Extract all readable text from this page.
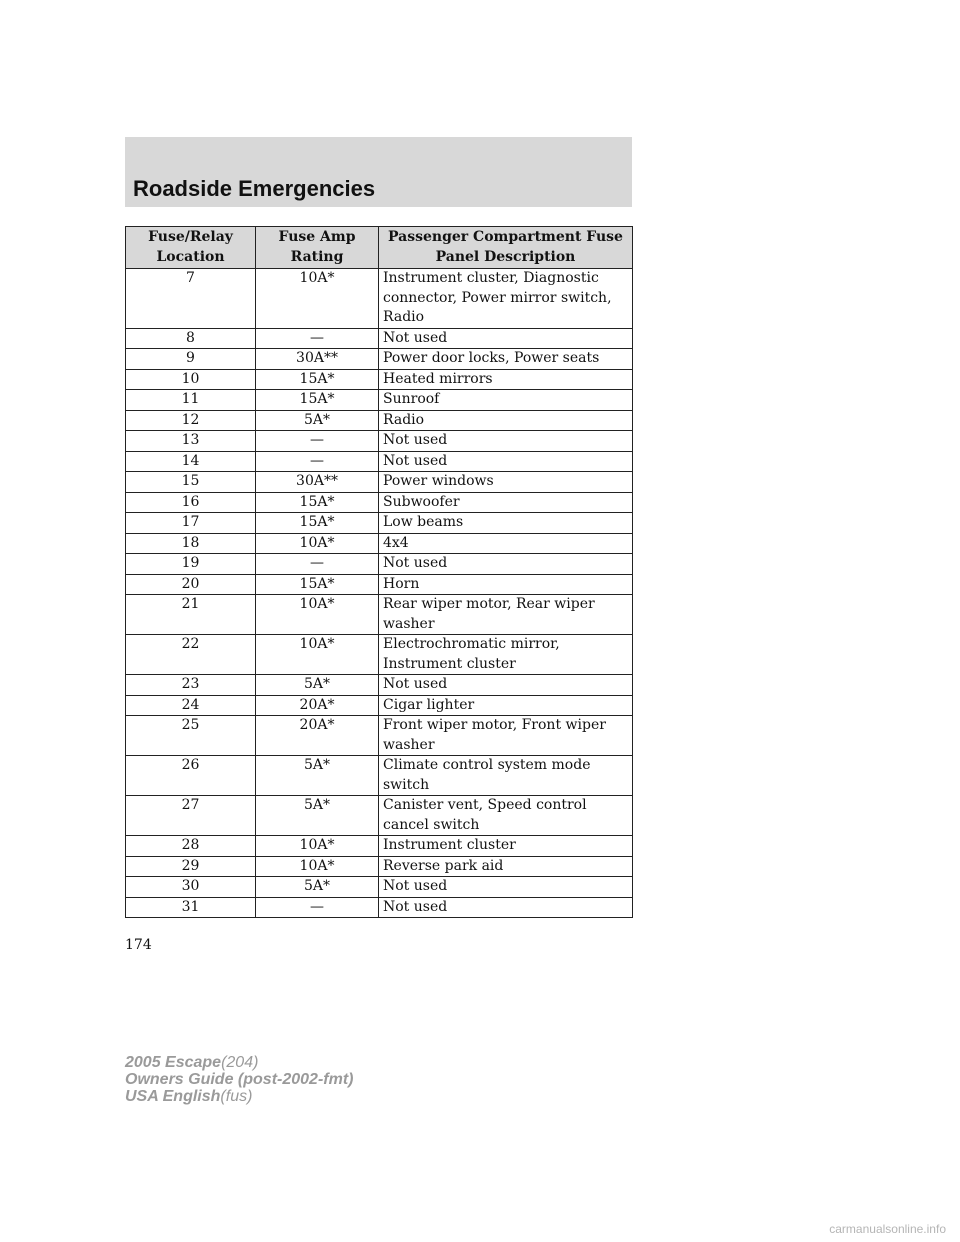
Roadside Emergencies
Fuse/Relay Location	Fuse Amp Rating	Passenger Compartment Fuse Panel Description
7	10A*	Instrument cluster, Diagnostic connector, Power mirror switch, Radio
8	—	Not used
9	30A**	Power door locks, Power seats
10	15A*	Heated mirrors
11	15A*	Sunroof
12	5A*	Radio
13	—	Not used
14	—	Not used
15	30A**	Power windows
16	15A*	Subwoofer
17	15A*	Low beams
18	10A*	4x4
19	—	Not used
20	15A*	Horn
21	10A*	Rear wiper motor, Rear wiper washer
22	10A*	Electrochromatic mirror, Instrument cluster
23	5A*	Not used
24	20A*	Cigar lighter
25	20A*	Front wiper motor, Front wiper washer
26	5A*	Climate control system mode switch
27	5A*	Canister vent, Speed control cancel switch
28	10A*	Instrument cluster
29	10A*	Reverse park aid
30	5A*	Not used
31	—	Not used
174
2005 Escape(204)
Owners Guide (post-2002-fmt)
USA English(fus)
carmanualsonline.info
